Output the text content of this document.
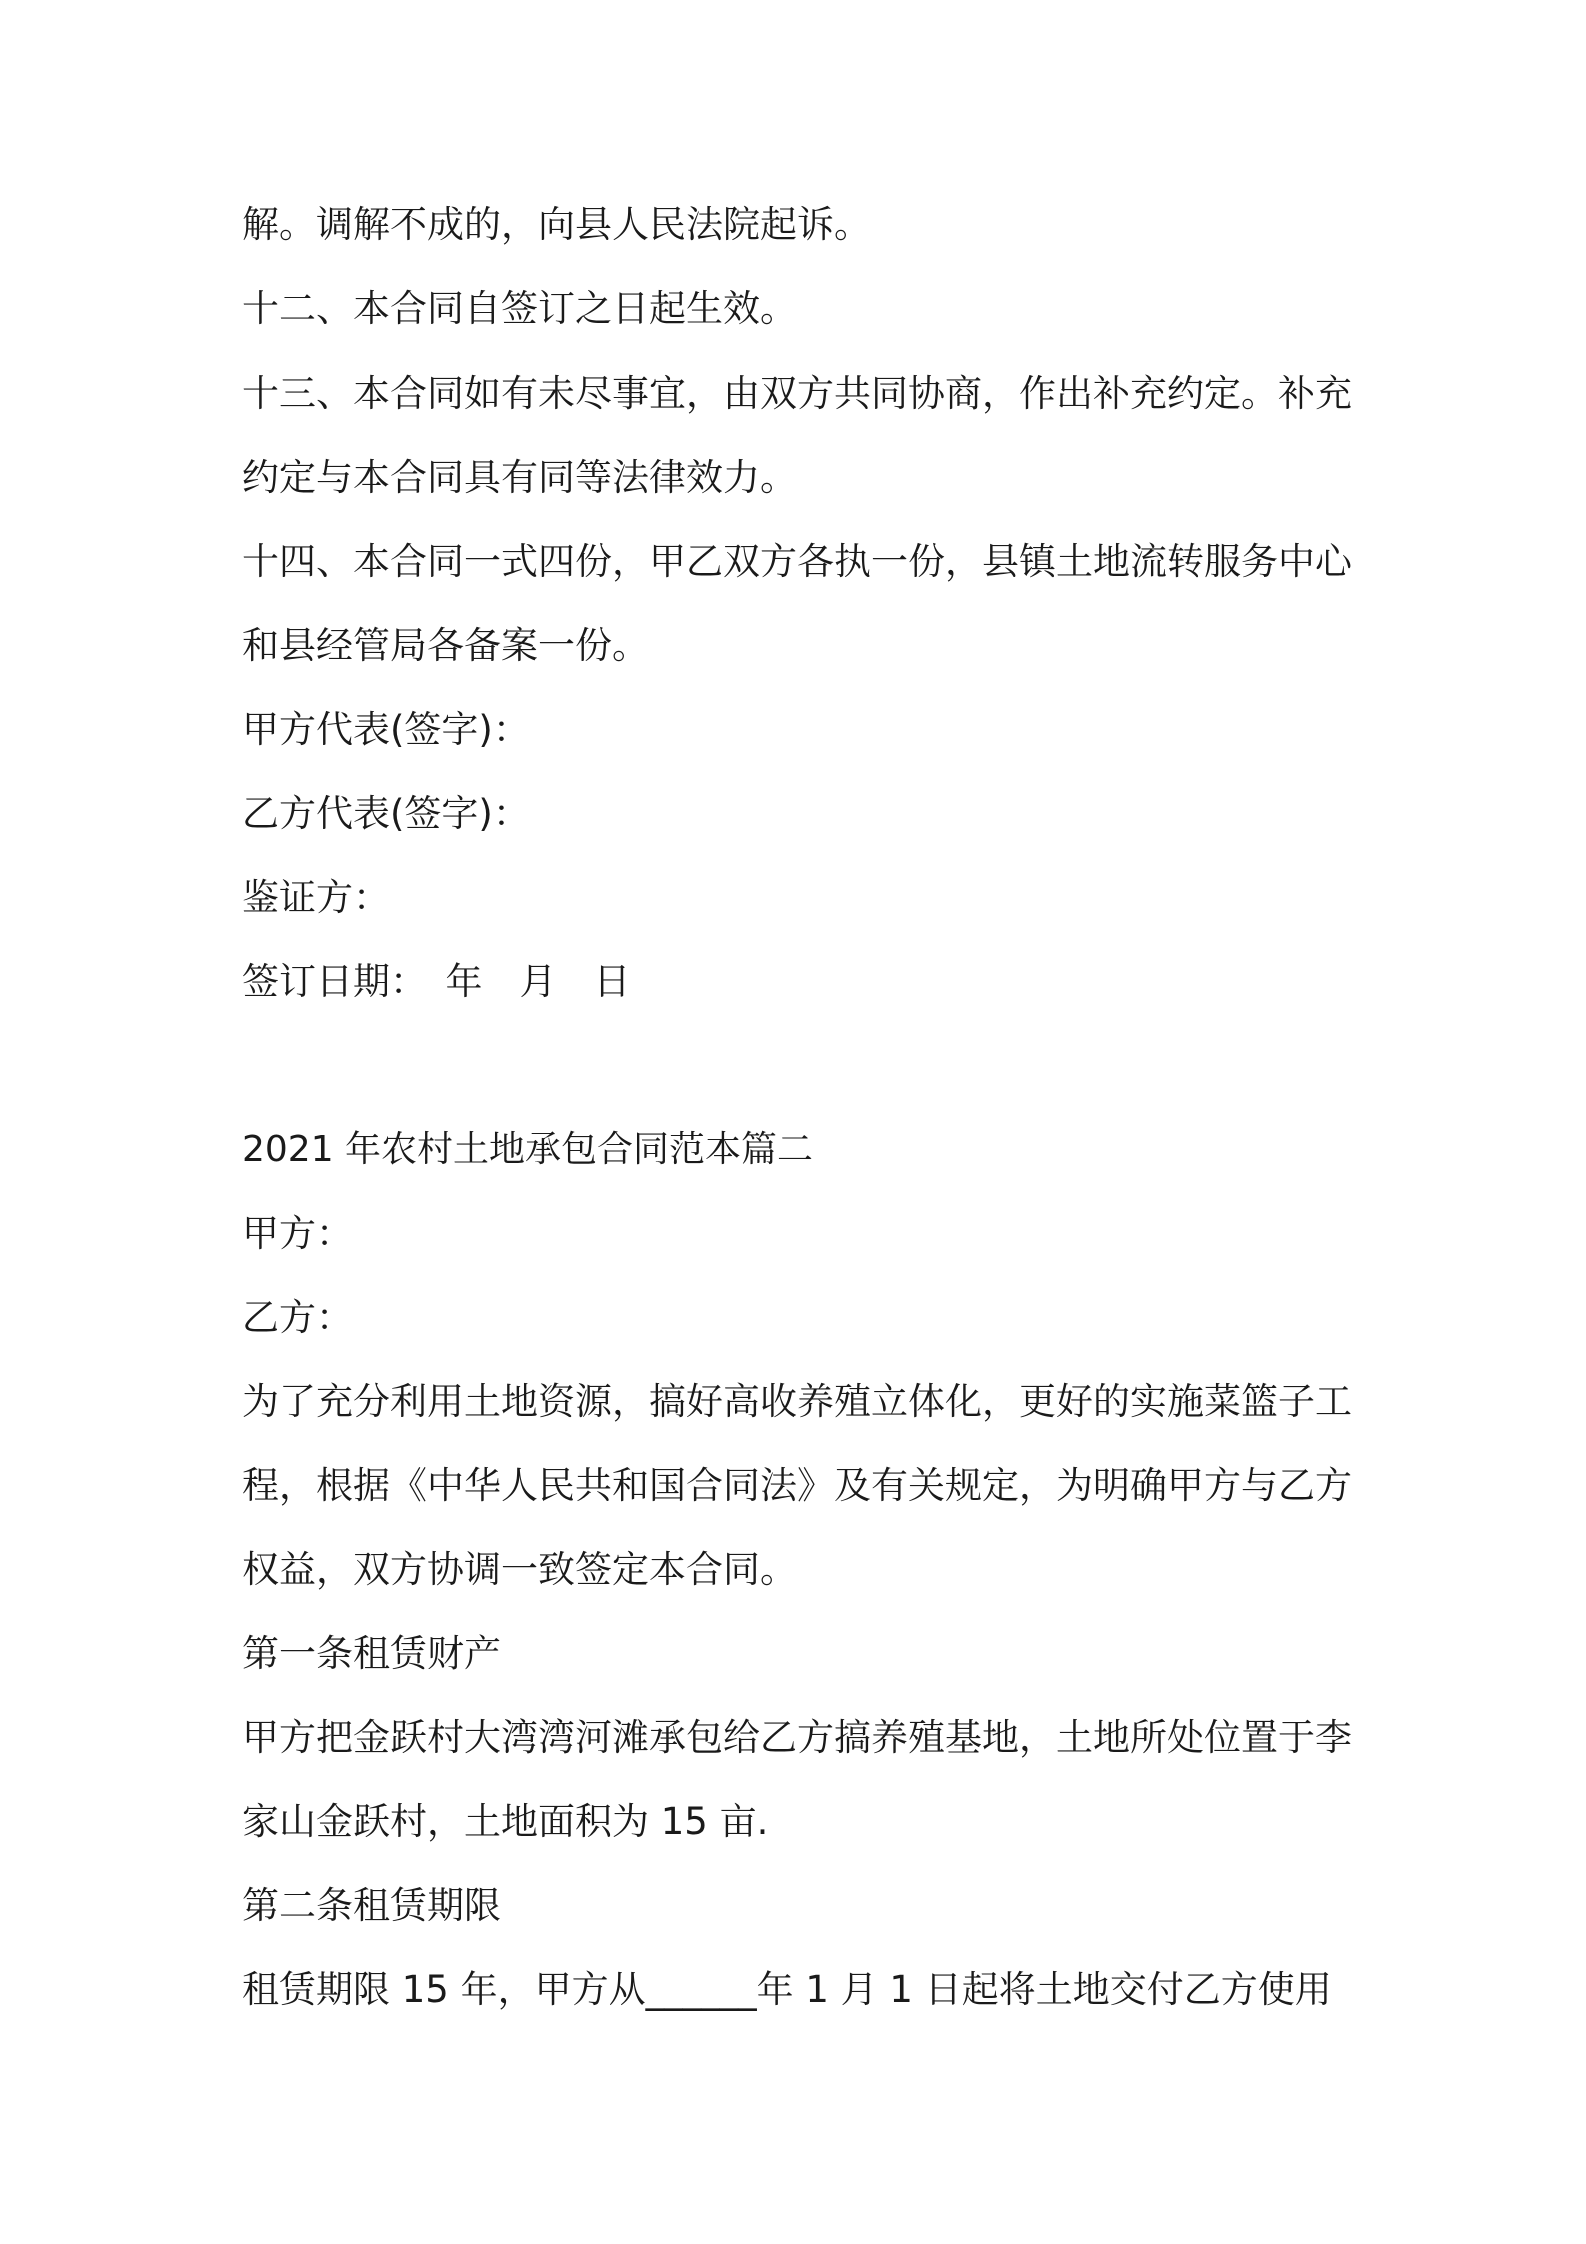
解。调解不成的，向县人民法院起诉。
十二、本合同自签订之日起生效。
十三、本合同如有未尽事宜，由双方共同协商，作出补充约定。补充
约定与本合同具有同等法律效力。
十四、本合同一式四份，甲乙双方各执一份，县镇土地流转服务中心
和县经管局各备案一份。
甲方代表(签字)：
乙方代表(签字)：
鉴证方：
签订日期：　年　月　日
2021 年农村土地承包合同范本篇二
甲方：
乙方：
为了充分利用土地资源，搞好高收养殖立体化，更好的实施菜篮子工
程，根据《中华人民共和国合同法》及有关规定，为明确甲方与乙方
权益，双方协调一致签定本合同。
第一条租赁财产
甲方把金跃村大湾湾河滩承包给乙方搞养殖基地，土地所处位置于李
家山金跃村，土地面积为 15 亩.
第二条租赁期限
租赁期限 15 年，甲方从______年 1 月 1 日起将土地交付乙方使用
